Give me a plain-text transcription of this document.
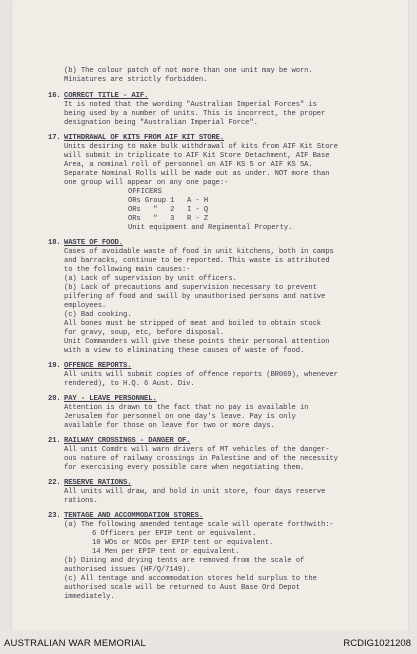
(b) The colour patch of not more than one unit may be worn.
Miniatures are strictly forbidden.
16. CORRECT TITLE - AIF.
It is noted that the wording "Australian Imperial Forces" is
being used by a number of units. This is incorrect, the proper
designation being "Australian Imperial Force".
17. WITHDRAWAL OF KITS FROM AIF KIT STORE.
Units desiring to make bulk withdrawal of kits from AIF Kit Store
will submit in triplicate to AIF Kit Store Detachment, AIF Base
Area, a nominal roll of personnel on AIF KS 5 or AIF KS 5A.
Separate Nominal Rolls will be made out as under. NOT more than
one group will appear on any one page:-
OFFICERS
ORs Group 1   A - H
ORs   "   2   I - Q
ORs   "   3   R - Z
Unit equipment and Regimental Property.
18. WASTE OF FOOD.
Cases of avoidable waste of food in unit kitchens, both in camps
and barracks, continue to be reported. This waste is attributed
to the following main causes:-
(a) Lack of supervision by unit officers.
(b) Lack of precautions and supervision necessary to prevent
pilfering of food and swill by unauthorised persons and native
employees.
(c) Bad cooking.
All bones must be stripped of meat and boiled to obtain stock
for gravy, soup, etc, before disposal.
Unit Commanders will give these points their personal attention
with a view to eliminating these causes of waste of food.
19. OFFENCE REPORTS.
All units will submit copies of offence reports (BR069), whenever
rendered), to H.Q. 6 Aust. Div.
20. PAY - LEAVE PERSONNEL.
Attention is drawn to the fact that no pay is available in
Jerusalem for personnel on one day's leave. Pay is only
available for those on leave for two or more days.
21. RAILWAY CROSSINGS - DANGER OF.
All unit Comdrs will warn drivers of MT vehicles of the danger-
ous nature of railway crossings in Palestine and of the necessity
for exercising every possible care when negotiating them.
22. RESERVE RATIONS.
All units will draw, and hold in unit store, four days reserve
rations.
23. TENTAGE AND ACCOMMODATION STORES.
(a) The following amended tentage scale will operate forthwith:-
6 Officers per EPIP tent or equivalent.
10 WOs or NCOs per EPIP tent or equivalent.
14 Men per EPIP tent or equivalent.
(b) Dining and drying tents are removed from the scale of
authorised issues (HF/Q/7149).
(c) All tentage and accommodation stores held surplus to the
authorised scale will be returned to Aust Base Ord Depot
immediately.
AUSTRALIAN WAR MEMORIAL	RCDIG1021208
